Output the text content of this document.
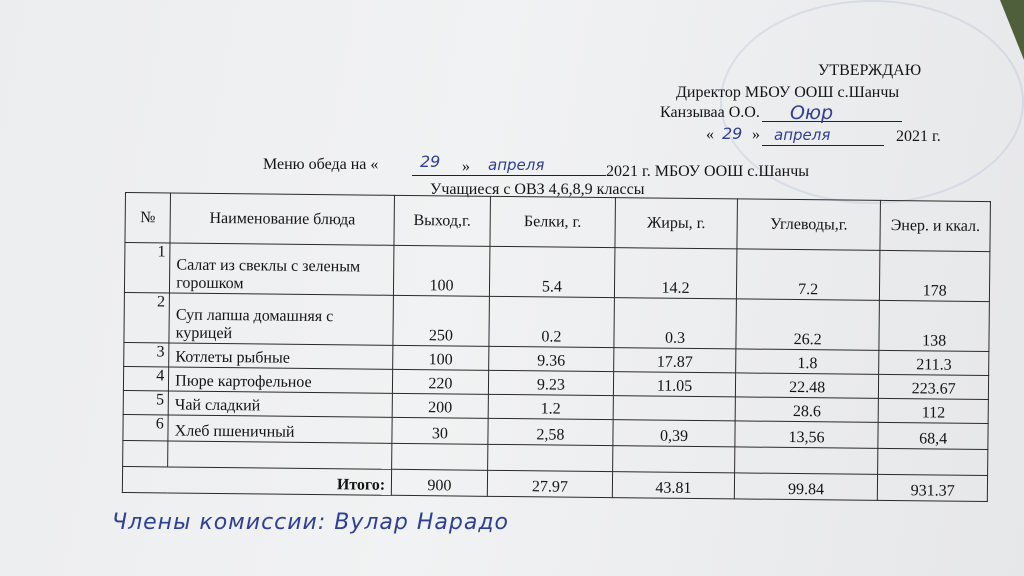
УТВЕРЖДАЮ
Директор МБОУ ООШ с.Шанчы
Канзываа О.О. Оюр
« 29 » апреля	2021 г.
Меню обеда на «	29 » апреля	2021 г. МБОУ ООШ с.Шанчы
Учащиеся с ОВЗ 4,6,8,9 классы
№	Наименование блюда	Выход,г.	Белки, г.	Жиры, г.	Углеводы,г.	Энер. и ккал.
1	Салат из свеклы с зеленым горошком	100	5.4	14.2	7.2	178
2	Суп лапша домашняя с курицей	250	0.2	0.3	26.2	138
3	Котлеты рыбные	100	9.36	17.87	1.8	211.3
4	Пюре картофельное	220	9.23	11.05	22.48	223.67
5	Чай сладкий	200	1.2		28.6	112
6	Хлеб пшеничный	30	2,58	0,39	13,56	68,4

Итого:		900	27.97	43.81	99.84	931.37
Члены комиссии: Вулар Нарадо
